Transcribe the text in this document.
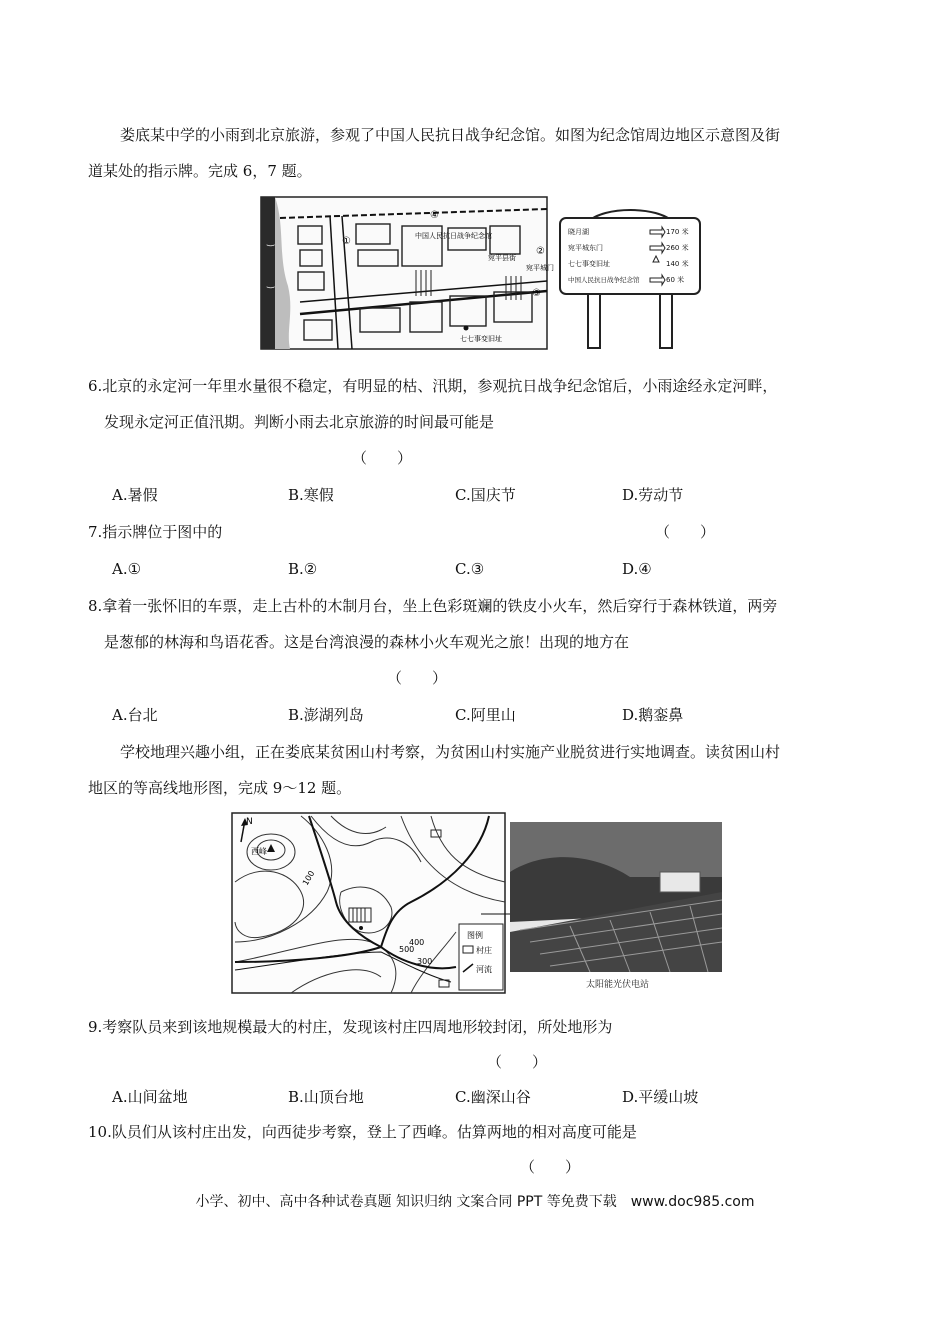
娄底某中学的小雨到北京旅游，参观了中国人民抗日战争纪念馆。如图为纪念馆周边地区示意图及街
道某处的指示牌。完成 6，7 题。
‿
‿
中国人民抗日战争纪念馆
宛平县街
宛平城门
七七事变旧址
①
④
③
②
晓月湖	170 米
宛平城东门	260 米
七七事变旧址	140 米
中国人民抗日战争纪念馆	60 米
6.北京的永定河一年里水量很不稳定，有明显的枯、汛期，参观抗日战争纪念馆后，小雨途经永定河畔，
发现永定河正值汛期。判断小雨去北京旅游的时间最可能是
（　　）
A.暑假	B.寒假	C.国庆节	D.劳动节
7.指示牌位于图中的	（　　）
A.①	B.②	C.③	D.④
8.拿着一张怀旧的车票，走上古朴的木制月台，坐上色彩斑斓的铁皮小火车，然后穿行于森林铁道，两旁
是葱郁的林海和鸟语花香。这是台湾浪漫的森林小火车观光之旅！出现的地方在
（　　）
A.台北	B.澎湖列岛	C.阿里山	D.鹅銮鼻
学校地理兴趣小组，正在娄底某贫困山村考察，为贫困山村实施产业脱贫进行实地调查。读贫困山村
地区的等高线地形图，完成 9～12 题。
N
西峰
100
500
400
300
图例
村庄
河流
太阳能光伏电站
9.考察队员来到该地规模最大的村庄，发现该村庄四周地形较封闭，所处地形为
（　　）
A.山间盆地	B.山顶台地	C.幽深山谷	D.平缓山坡
10.队员们从该村庄出发，向西徒步考察，登上了西峰。估算两地的相对高度可能是
（　　）
小学、初中、高中各种试卷真题 知识归纳 文案合同 PPT 等免费下载　www.doc985.com
